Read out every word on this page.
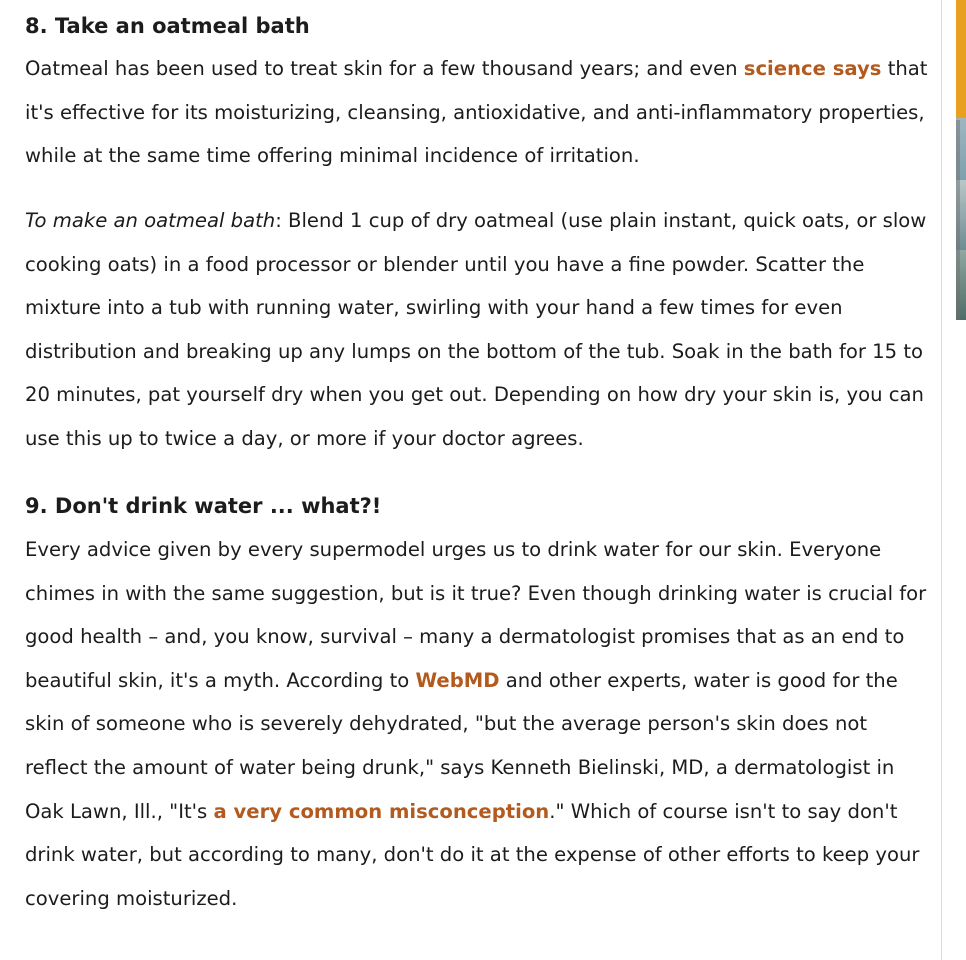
8. Take an oatmeal bath

Oatmeal has been used to treat skin for a few thousand years; and even science says that it's effective for its moisturizing, cleansing, antioxidative, and anti-inflammatory properties, while at the same time offering minimal incidence of irritation.

To make an oatmeal bath: Blend 1 cup of dry oatmeal (use plain instant, quick oats, or slow cooking oats) in a food processor or blender until you have a fine powder. Scatter the mixture into a tub with running water, swirling with your hand a few times for even distribution and breaking up any lumps on the bottom of the tub. Soak in the bath for 15 to 20 minutes, pat yourself dry when you get out. Depending on how dry your skin is, you can use this up to twice a day, or more if your doctor agrees.

9. Don't drink water ... what?!

Every advice given by every supermodel urges us to drink water for our skin. Everyone chimes in with the same suggestion, but is it true? Even though drinking water is crucial for good health – and, you know, survival – many a dermatologist promises that as an end to beautiful skin, it's a myth. According to WebMD and other experts, water is good for the skin of someone who is severely dehydrated, "but the average person's skin does not reflect the amount of water being drunk," says Kenneth Bielinski, MD, a dermatologist in Oak Lawn, Ill., "It's a very common misconception." Which of course isn't to say don't drink water, but according to many, don't do it at the expense of other efforts to keep your covering moisturized.
